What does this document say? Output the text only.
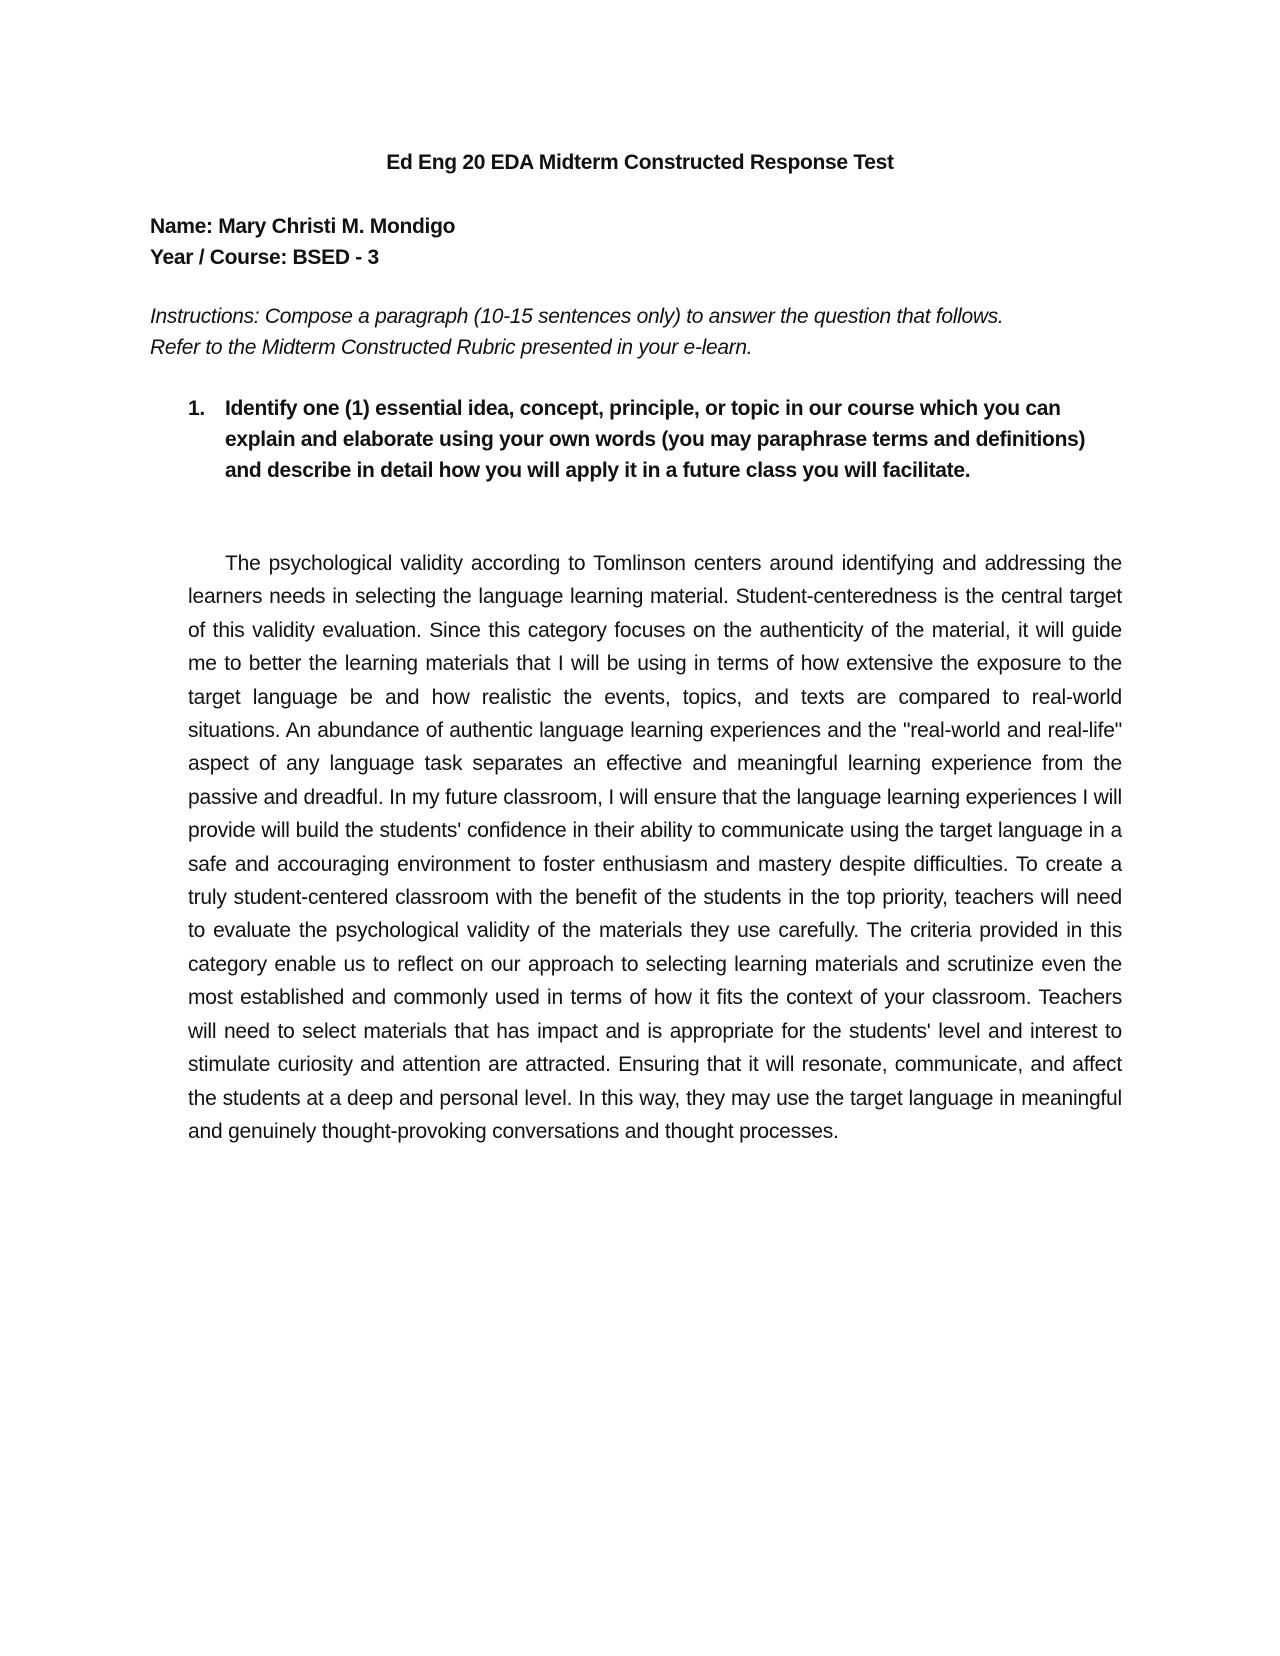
Ed Eng 20 EDA Midterm Constructed Response Test
Name: Mary Christi M. Mondigo
Year / Course: BSED - 3
Instructions: Compose a paragraph (10-15 sentences only) to answer the question that follows.
Refer to the Midterm Constructed Rubric presented in your e-learn.
1. Identify one (1) essential idea, concept, principle, or topic in our course which you can explain and elaborate using your own words (you may paraphrase terms and definitions) and describe in detail how you will apply it in a future class you will facilitate.
The psychological validity according to Tomlinson centers around identifying and addressing the learners needs in selecting the language learning material. Student-centeredness is the central target of this validity evaluation. Since this category focuses on the authenticity of the material, it will guide me to better the learning materials that I will be using in terms of how extensive the exposure to the target language be and how realistic the events, topics, and texts are compared to real-world situations. An abundance of authentic language learning experiences and the "real-world and real-life" aspect of any language task separates an effective and meaningful learning experience from the passive and dreadful. In my future classroom, I will ensure that the language learning experiences I will provide will build the students' confidence in their ability to communicate using the target language in a safe and accouraging environment to foster enthusiasm and mastery despite difficulties. To create a truly student-centered classroom with the benefit of the students in the top priority, teachers will need to evaluate the psychological validity of the materials they use carefully. The criteria provided in this category enable us to reflect on our approach to selecting learning materials and scrutinize even the most established and commonly used in terms of how it fits the context of your classroom. Teachers will need to select materials that has impact and is appropriate for the students' level and interest to stimulate curiosity and attention are attracted. Ensuring that it will resonate, communicate, and affect the students at a deep and personal level. In this way, they may use the target language in meaningful and genuinely thought-provoking conversations and thought processes.
